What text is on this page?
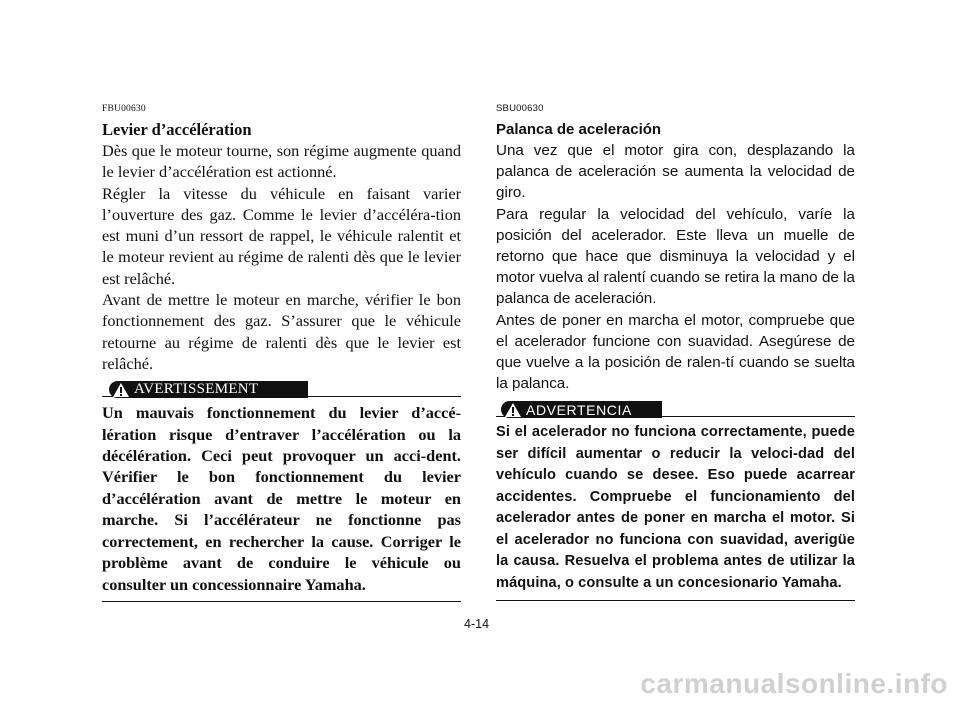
FBU00630
Levier d’accélération

Dès que le moteur tourne, son régime augmente quand le levier d’accélération est actionné.

Régler la vitesse du véhicule en faisant varier l’ouverture des gaz. Comme le levier d’accéléra-tion est muni d’un ressort de rappel, le véhicule ralentit et le moteur revient au régime de ralenti dès que le levier est relâché.

Avant de mettre le moteur en marche, vérifier le bon fonctionnement des gaz. S’assurer que le véhicule retourne au régime de ralenti dès que le levier est relâché.

AVERTISSEMENT

Un mauvais fonctionnement du levier d’accé-lération risque d’entraver l’accélération ou la décélération. Ceci peut provoquer un acci-dent. Vérifier le bon fonctionnement du levier d’accélération avant de mettre le moteur en marche. Si l’accélérateur ne fonctionne pas correctement, en rechercher la cause. Corriger le problème avant de conduire le véhicule ou consulter un concessionnaire Yamaha.

SBU00630
Palanca de aceleración

Una vez que el motor gira con, desplazando la palanca de aceleración se aumenta la velocidad de giro.

Para regular la velocidad del vehículo, varíe la posición del acelerador. Este lleva un muelle de retorno que hace que disminuya la velocidad y el motor vuelva al ralentí cuando se retira la mano de la palanca de aceleración.

Antes de poner en marcha el motor, compruebe que el acelerador funcione con suavidad. Asegúrese de que vuelve a la posición de ralen-tí cuando se suelta la palanca.

ADVERTENCIA

Si el acelerador no funciona correctamente, puede ser difícil aumentar o reducir la veloci-dad del vehículo cuando se desee. Eso puede acarrear accidentes. Compruebe el funcionamiento del acelerador antes de poner en marcha el motor. Si el acelerador no funciona con suavidad, averigüe la causa. Resuelva el problema antes de utilizar la máquina, o consulte a un concesionario Yamaha.

4-14
carmanualsonline.info
